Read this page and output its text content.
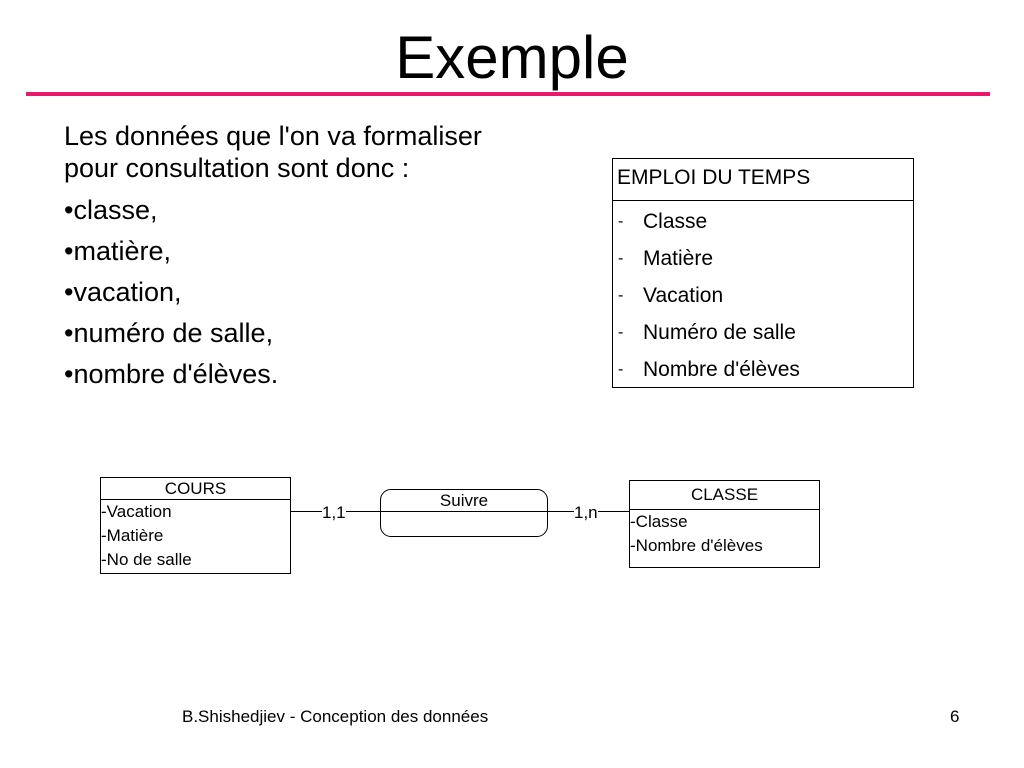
Exemple

Les données que l'on va formaliser pour consultation sont donc :

•classe,
•matière,
•vacation,
•numéro de salle,
•nombre d'élèves.
EMPLOI DU TEMPS
- Classe
- Matière
- Vacation
- Numéro de salle
- Nombre d'élèves
COURS
-Vacation
-Matière
-No de salle
Suivre	CLASSE
-Classe
-Nombre d'élèves
1,1	1,n
B.Shishedjiev - Conception des données	6
